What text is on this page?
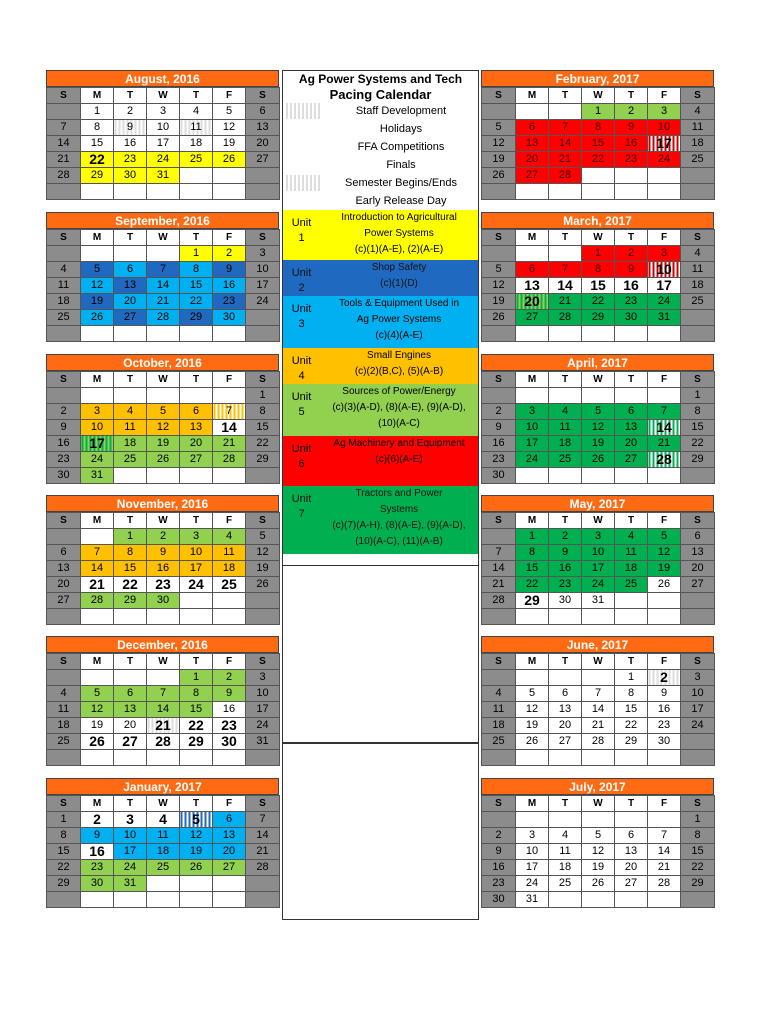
August, 2016
S	M	T	W	T	F	S
	1	2	3	4	5	6
7	8	9	10	11	12	13
14	15	16	17	18	19	20
21	22	23	24	25	26	27
28	29	30	31			

September, 2016
S	M	T	W	T	F	S
				1	2	3
4	5	6	7	8	9	10
11	12	13	14	15	16	17
18	19	20	21	22	23	24
25	26	27	28	29	30	

October, 2016
S	M	T	W	T	F	S
						1
2	3	4	5	6	7	8
9	10	11	12	13	14	15
16	17	18	19	20	21	22
23	24	25	26	27	28	29
30	31					
November, 2016
S	M	T	W	T	F	S
		1	2	3	4	5
6	7	8	9	10	11	12
13	14	15	16	17	18	19
20	21	22	23	24	25	26
27	28	29	30			

December, 2016
S	M	T	W	T	F	S
				1	2	3
4	5	6	7	8	9	10
11	12	13	14	15	16	17
18	19	20	21	22	23	24
25	26	27	28	29	30	31

January, 2017
S	M	T	W	T	F	S
1	2	3	4	5	6	7
8	9	10	11	12	13	14
15	16	17	18	19	20	21
22	23	24	25	26	27	28
29	30	31				

February, 2017
S	M	T	W	T	F	S
			1	2	3	4
5	6	7	8	9	10	11
12	13	14	15	16	17	18
19	20	21	22	23	24	25
26	27	28				

March, 2017
S	M	T	W	T	F	S
			1	2	3	4
5	6	7	8	9	10	11
12	13	14	15	16	17	18
19	20	21	22	23	24	25
26	27	28	29	30	31	

April, 2017
S	M	T	W	T	F	S
						1
2	3	4	5	6	7	8
9	10	11	12	13	14	15
16	17	18	19	20	21	22
23	24	25	26	27	28	29
30						
May, 2017
S	M	T	W	T	F	S
	1	2	3	4	5	6
7	8	9	10	11	12	13
14	15	16	17	18	19	20
21	22	23	24	25	26	27
28	29	30	31			

June, 2017
S	M	T	W	T	F	S
				1	2	3
4	5	6	7	8	9	10
11	12	13	14	15	16	17
18	19	20	21	22	23	24
25	26	27	28	29	30	

July, 2017
S	M	T	W	T	F	S
						1
2	3	4	5	6	7	8
9	10	11	12	13	14	15
16	17	18	19	20	21	22
23	24	25	26	27	28	29
30	31					
Ag Power Systems and Tech
Pacing Calendar
Staff Development
Holidays
FFA Competitions
Finals
Semester Begins/Ends
Early Release Day
Unit
1
Introduction to Agricultural
Power Systems
(c)(1)(A-E), (2)(A-E)
Unit
2
Shop Safety
(c)(1)(D)
Unit
3
Tools & Equipment Used in
Ag Power Systems
(c)(4)(A-E)
Unit
4
Small Engines
(c)(2)(B,C), (5)(A-B)
Unit
5
Sources of Power/Energy
(c)(3)(A-D), (8)(A-E), (9)(A-D),
(10)(A-C)
Unit
6
Ag Machinery and Equipment
(c)(6)(A-E)
Unit
7
Tractors and Power
Systems
(c)(7)(A-H), (8)(A-E), (9)(A-D),
(10)(A-C), (11)(A-B)
